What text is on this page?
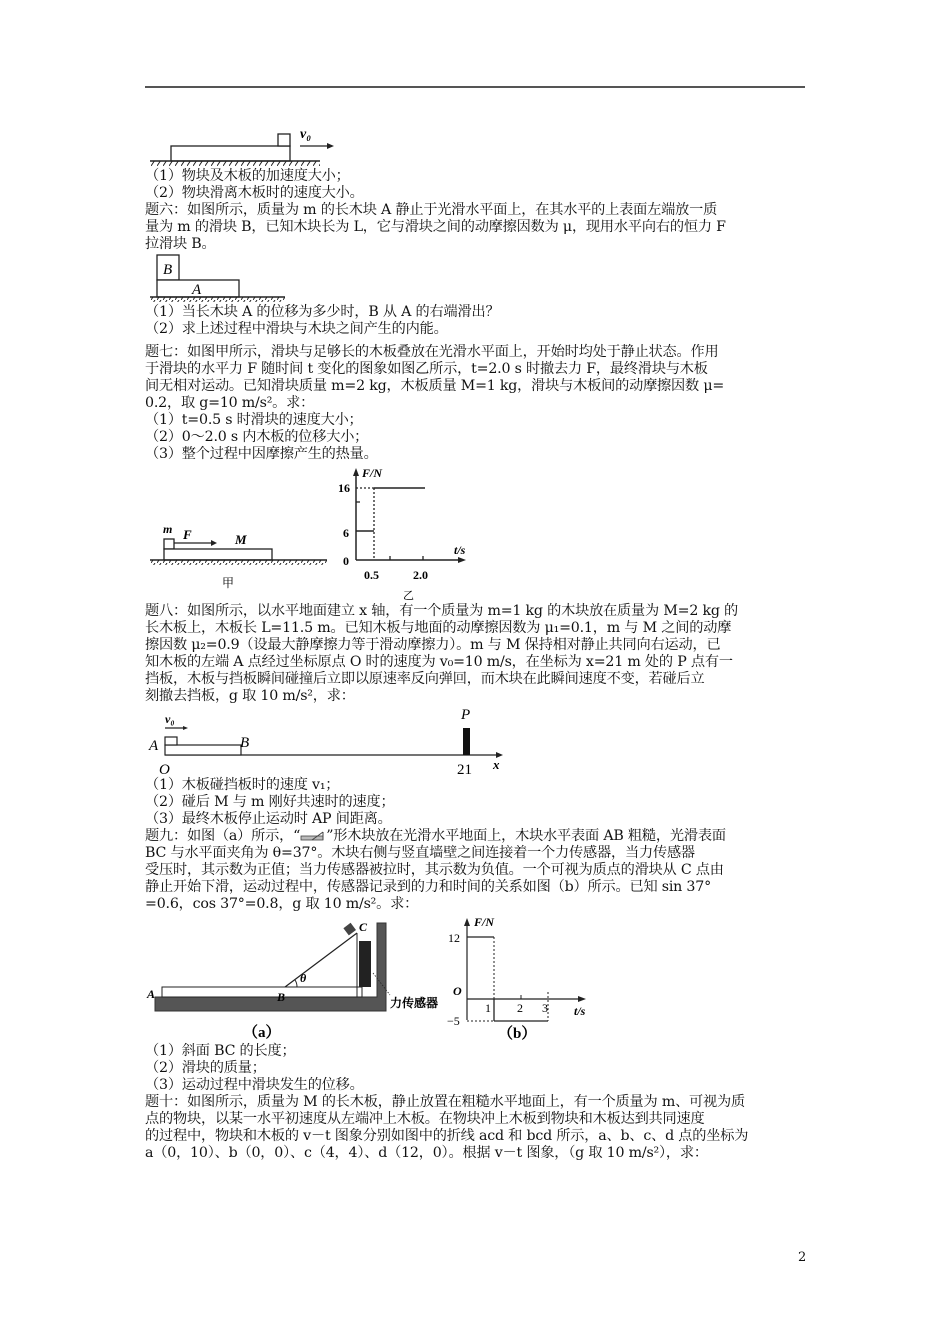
v₀
（1）物块及木板的加速度大小；
（2）物块滑离木板时的速度大小。
题六：如图所示，质量为 m 的长木块 A 静止于光滑水平面上，在其水平的上表面左端放一质
量为 m 的滑块 B，已知木块长为 L，它与滑块之间的动摩擦因数为 μ，现用水平向右的恒力 F
拉滑块 B。
B
A
（1）当长木块 A 的位移为多少时，B 从 A 的右端滑出？
（2）求上述过程中滑块与木块之间产生的内能。
题七：如图甲所示，滑块与足够长的木板叠放在光滑水平面上，开始时均处于静止状态。作用
于滑块的水平力 F 随时间 t 变化的图象如图乙所示，t=2.0 s 时撤去力 F，最终滑块与木板
间无相对运动。已知滑块质量 m=2 kg，木板质量 M=1 kg，滑块与木板间的动摩擦因数 μ=
0.2，取 g=10 m/s²。求：
（1）t=0.5 s 时滑块的速度大小；
（2）0～2.0 s 内木板的位移大小；
（3）整个过程中因摩擦产生的热量。
m F	M
甲
F/N
t/s
16
6
0
0.5	2.0
乙
题八：如图所示，以水平地面建立 x 轴，有一个质量为 m=1 kg 的木块放在质量为 M=2 kg 的
长木板上，木板长 L=11.5 m。已知木板与地面的动摩擦因数为 μ₁=0.1，m 与 M 之间的动摩
擦因数 μ₂=0.9（设最大静摩擦力等于滑动摩擦力）。m 与 M 保持相对静止共同向右运动，已
知木板的左端 A 点经过坐标原点 O 时的速度为 v₀=10 m/s，在坐标为 x=21 m 处的 P 点有一
挡板，木板与挡板瞬间碰撞后立即以原速率反向弹回，而木块在此瞬间速度不变，若碰后立
刻撤去挡板，g 取 10 m/s²，求：
v₀
A	B
O
P
21 x
（1）木板碰挡板时的速度 v₁；
（2）碰后 M 与 m 刚好共速时的速度；
（3）最终木板停止运动时 AP 间距离。
题九：如图（a）所示，“ ”形木块放在光滑水平地面上，木块水平表面 AB 粗糙，光滑表面
BC 与水平面夹角为 θ=37°。木块右侧与竖直墙壁之间连接着一个力传感器，当力传感器
受压时，其示数为正值；当力传感器被拉时，其示数为负值。一个可视为质点的滑块从 C 点由
静止开始下滑，运动过程中，传感器记录到的力和时间的关系如图（b）所示。已知 sin 37°
=0.6，cos 37°=0.8，g 取 10 m/s²。求：
A	B
C
θ
力传感器
（a）
F/N
t/s
12
O
−5
1 2 3
（b）
（1）斜面 BC 的长度；
（2）滑块的质量；
（3）运动过程中滑块发生的位移。
题十：如图所示，质量为 M 的长木板，静止放置在粗糙水平地面上，有一个质量为 m、可视为质
点的物块，以某一水平初速度从左端冲上木板。在物块冲上木板到物块和木板达到共同速度
的过程中，物块和木板的 v－t 图象分别如图中的折线 acd 和 bcd 所示，a、b、c、d 点的坐标为
a（0，10）、b（0，0）、c（4，4）、d（12，0）。根据 v－t 图象，（g 取 10 m/s²），求：
2
